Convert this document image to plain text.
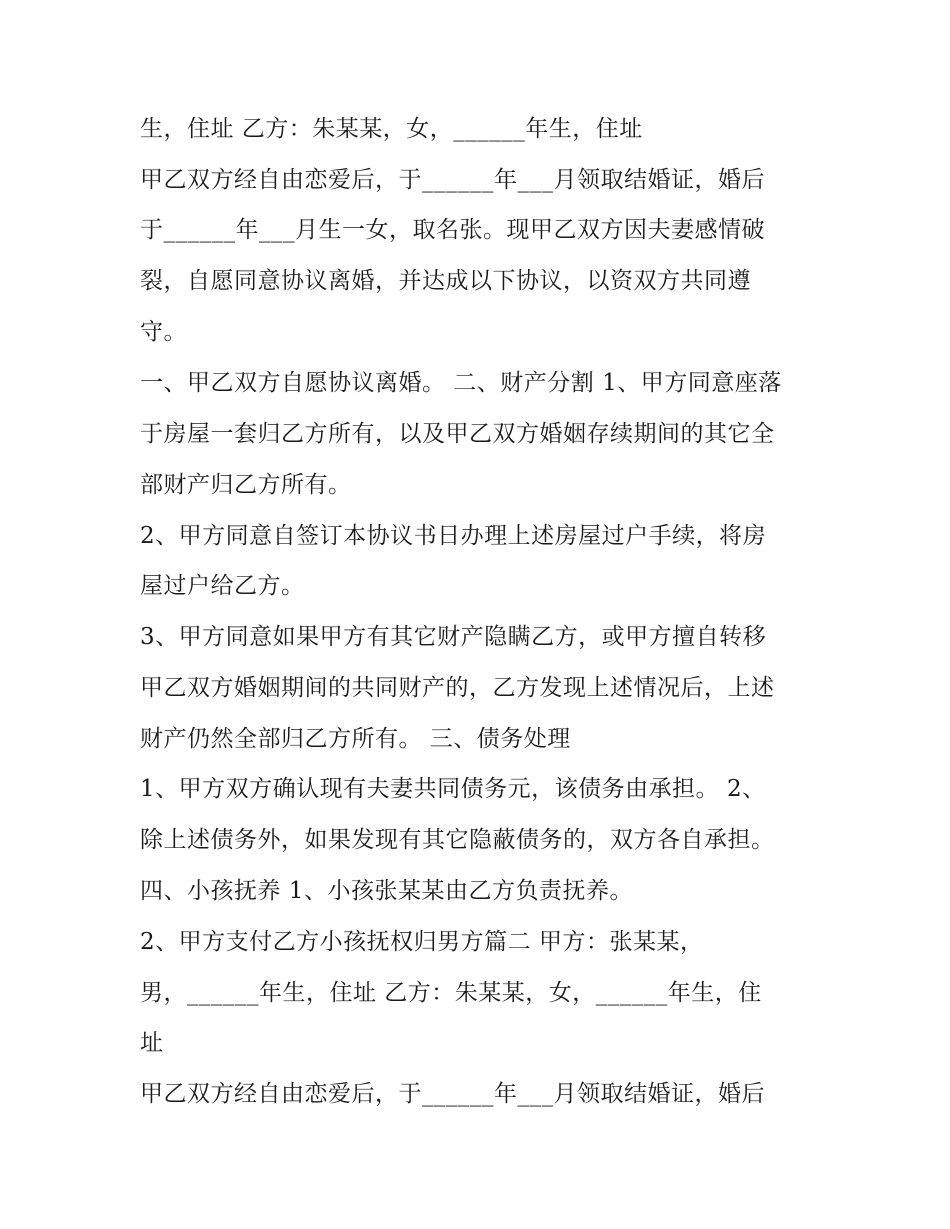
生，住址 乙方：朱某某，女，______年生，住址
甲乙双方经自由恋爱后，于______年___月领取结婚证，婚后
于______年___月生一女，取名张。现甲乙双方因夫妻感情破
裂，自愿同意协议离婚，并达成以下协议，以资双方共同遵
守。
一、甲乙双方自愿协议离婚。 二、财产分割 1、甲方同意座落
于房屋一套归乙方所有，以及甲乙双方婚姻存续期间的其它全
部财产归乙方所有。
2、甲方同意自签订本协议书日办理上述房屋过户手续，将房
屋过户给乙方。
3、甲方同意如果甲方有其它财产隐瞒乙方，或甲方擅自转移
甲乙双方婚姻期间的共同财产的，乙方发现上述情况后，上述
财产仍然全部归乙方所有。 三、债务处理
1、甲方双方确认现有夫妻共同债务元，该债务由承担。 2、
除上述债务外，如果发现有其它隐蔽债务的，双方各自承担。
四、小孩抚养 1、小孩张某某由乙方负责抚养。
2、甲方支付乙方小孩抚权归男方篇二 甲方：张某某，
男，______年生，住址 乙方：朱某某，女，______年生，住
址
甲乙双方经自由恋爱后，于______年___月领取结婚证，婚后
